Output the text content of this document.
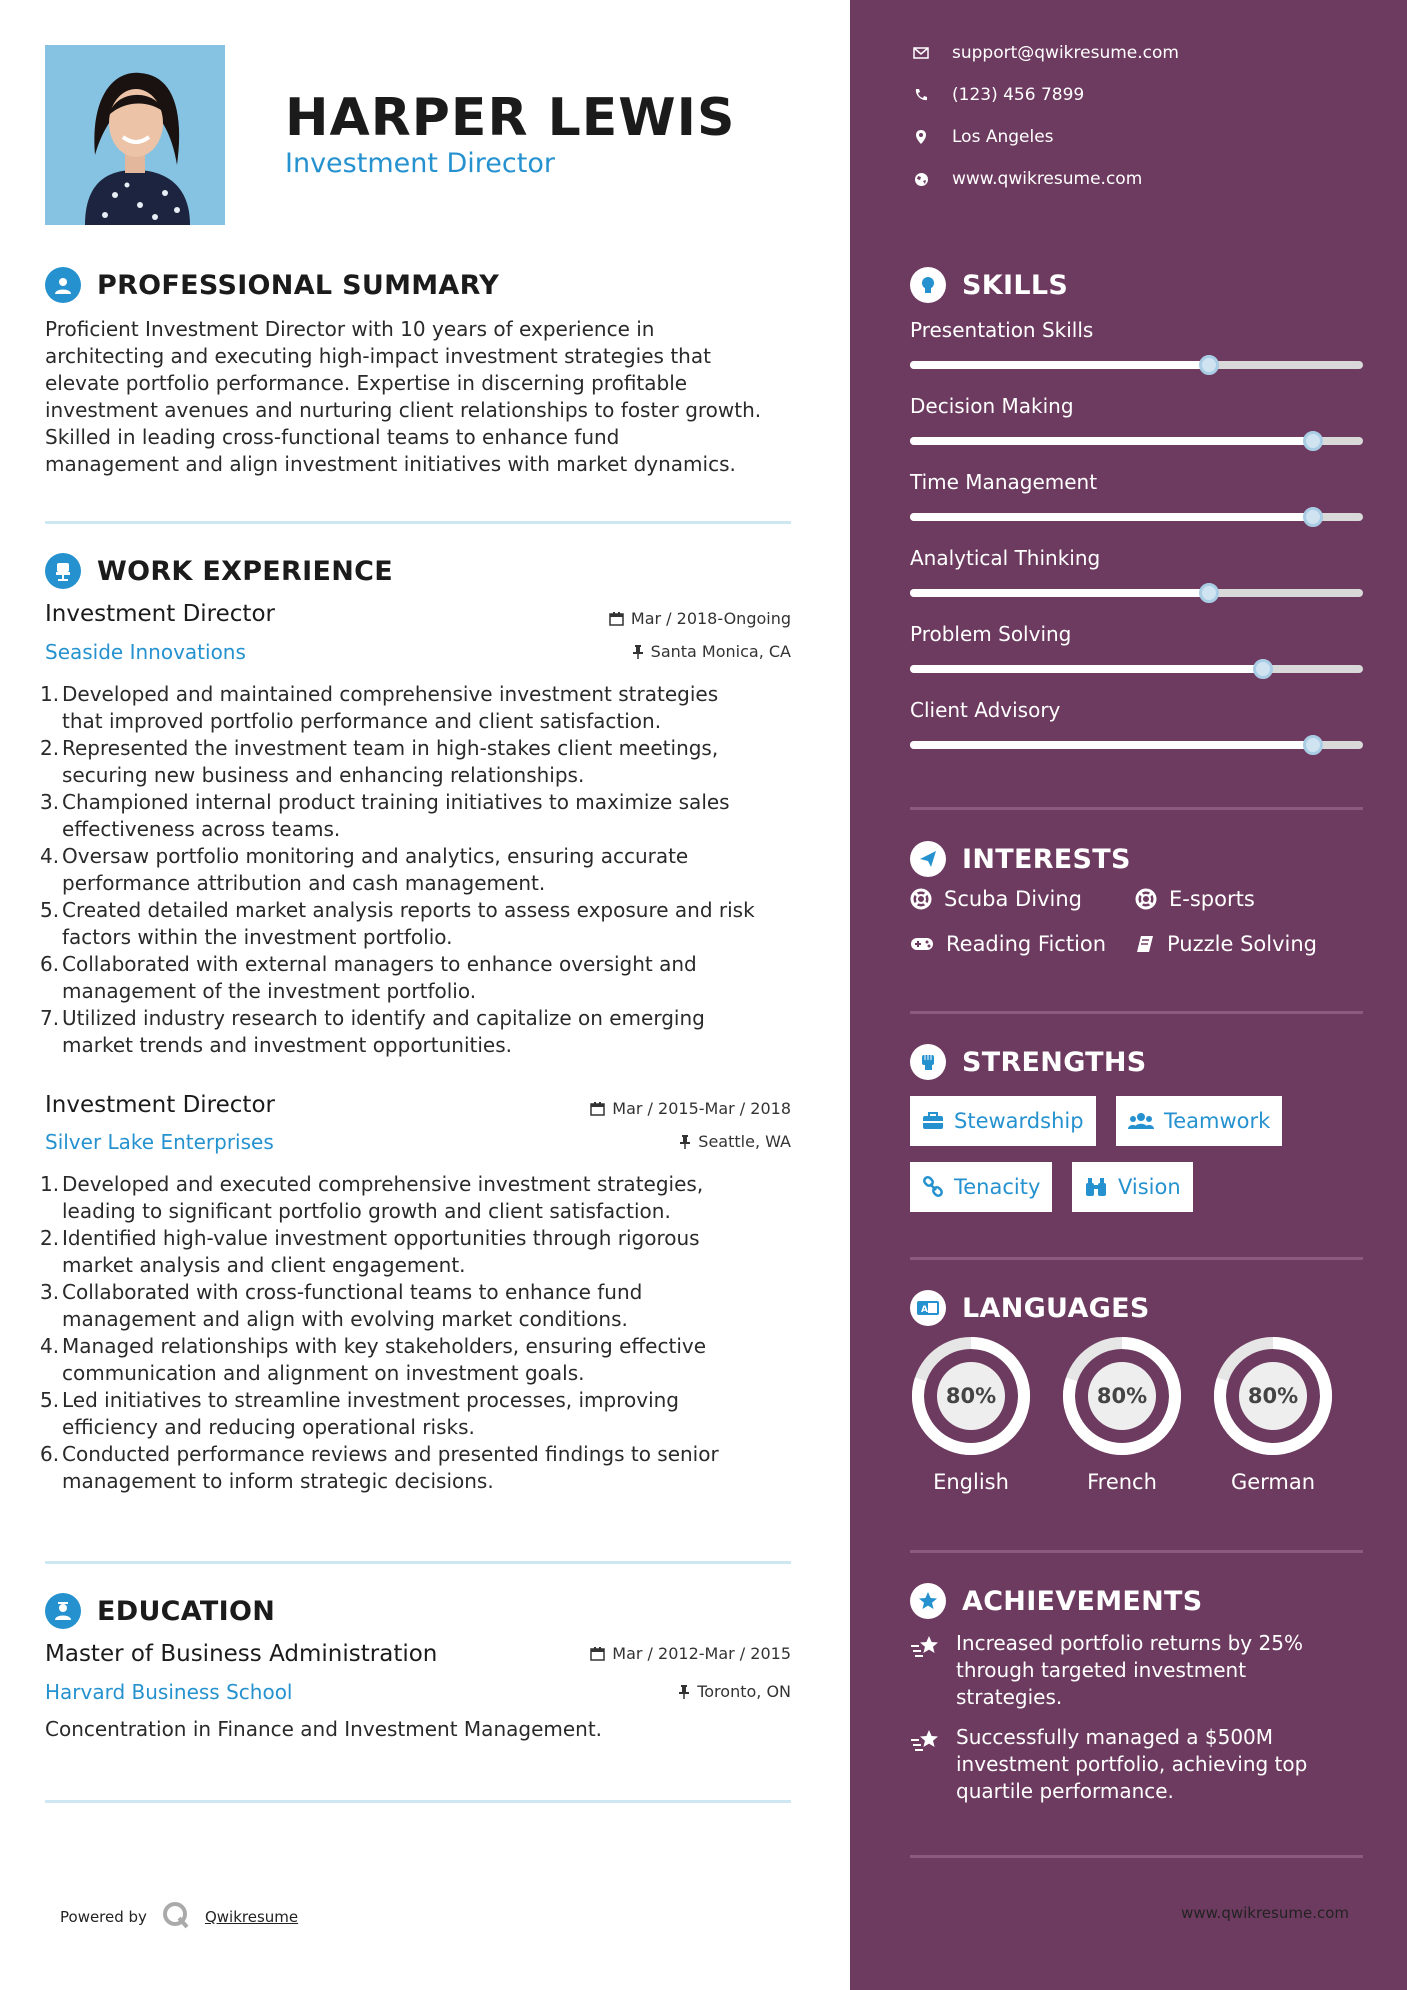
HARPER LEWIS
Investment Director
PROFESSIONAL SUMMARY
Proficient Investment Director with 10 years of experience in
architecting and executing high-impact investment strategies that
elevate portfolio performance. Expertise in discerning profitable
investment avenues and nurturing client relationships to foster growth.
Skilled in leading cross-functional teams to enhance fund
management and align investment initiatives with market dynamics.
WORK EXPERIENCE
Investment Director	Mar / 2018-Ongoing
Seaside Innovations	Santa Monica, CA
1. Developed and maintained comprehensive investment strategies
that improved portfolio performance and client satisfaction.
2. Represented the investment team in high-stakes client meetings,
securing new business and enhancing relationships.
3. Championed internal product training initiatives to maximize sales
effectiveness across teams.
4. Oversaw portfolio monitoring and analytics, ensuring accurate
performance attribution and cash management.
5. Created detailed market analysis reports to assess exposure and risk
factors within the investment portfolio.
6. Collaborated with external managers to enhance oversight and
management of the investment portfolio.
7. Utilized industry research to identify and capitalize on emerging
market trends and investment opportunities.
Investment Director	Mar / 2015-Mar / 2018
Silver Lake Enterprises	Seattle, WA
1. Developed and executed comprehensive investment strategies,
leading to significant portfolio growth and client satisfaction.
2. Identified high-value investment opportunities through rigorous
market analysis and client engagement.
3. Collaborated with cross-functional teams to enhance fund
management and align with evolving market conditions.
4. Managed relationships with key stakeholders, ensuring effective
communication and alignment on investment goals.
5. Led initiatives to streamline investment processes, improving
efficiency and reducing operational risks.
6. Conducted performance reviews and presented findings to senior
management to inform strategic decisions.
EDUCATION
Master of Business Administration	Mar / 2012-Mar / 2015
Harvard Business School	Toronto, ON
Concentration in Finance and Investment Management.
Powered by	Qwikresume
support@qwikresume.com
(123) 456 7899
Los Angeles
www.qwikresume.com
SKILLS
Presentation Skills
Decision Making
Time Management
Analytical Thinking
Problem Solving
Client Advisory
INTERESTS
Scuba Diving	E-sports
Reading Fiction	Puzzle Solving
STRENGTHS
Stewardship	Teamwork
Tenacity	Vision
A LANGUAGES
80%
English
80%
French
80%
German
ACHIEVEMENTS
Increased portfolio returns by 25%
through targeted investment
strategies.
Successfully managed a $500M
investment portfolio, achieving top
quartile performance.
www.qwikresume.com
